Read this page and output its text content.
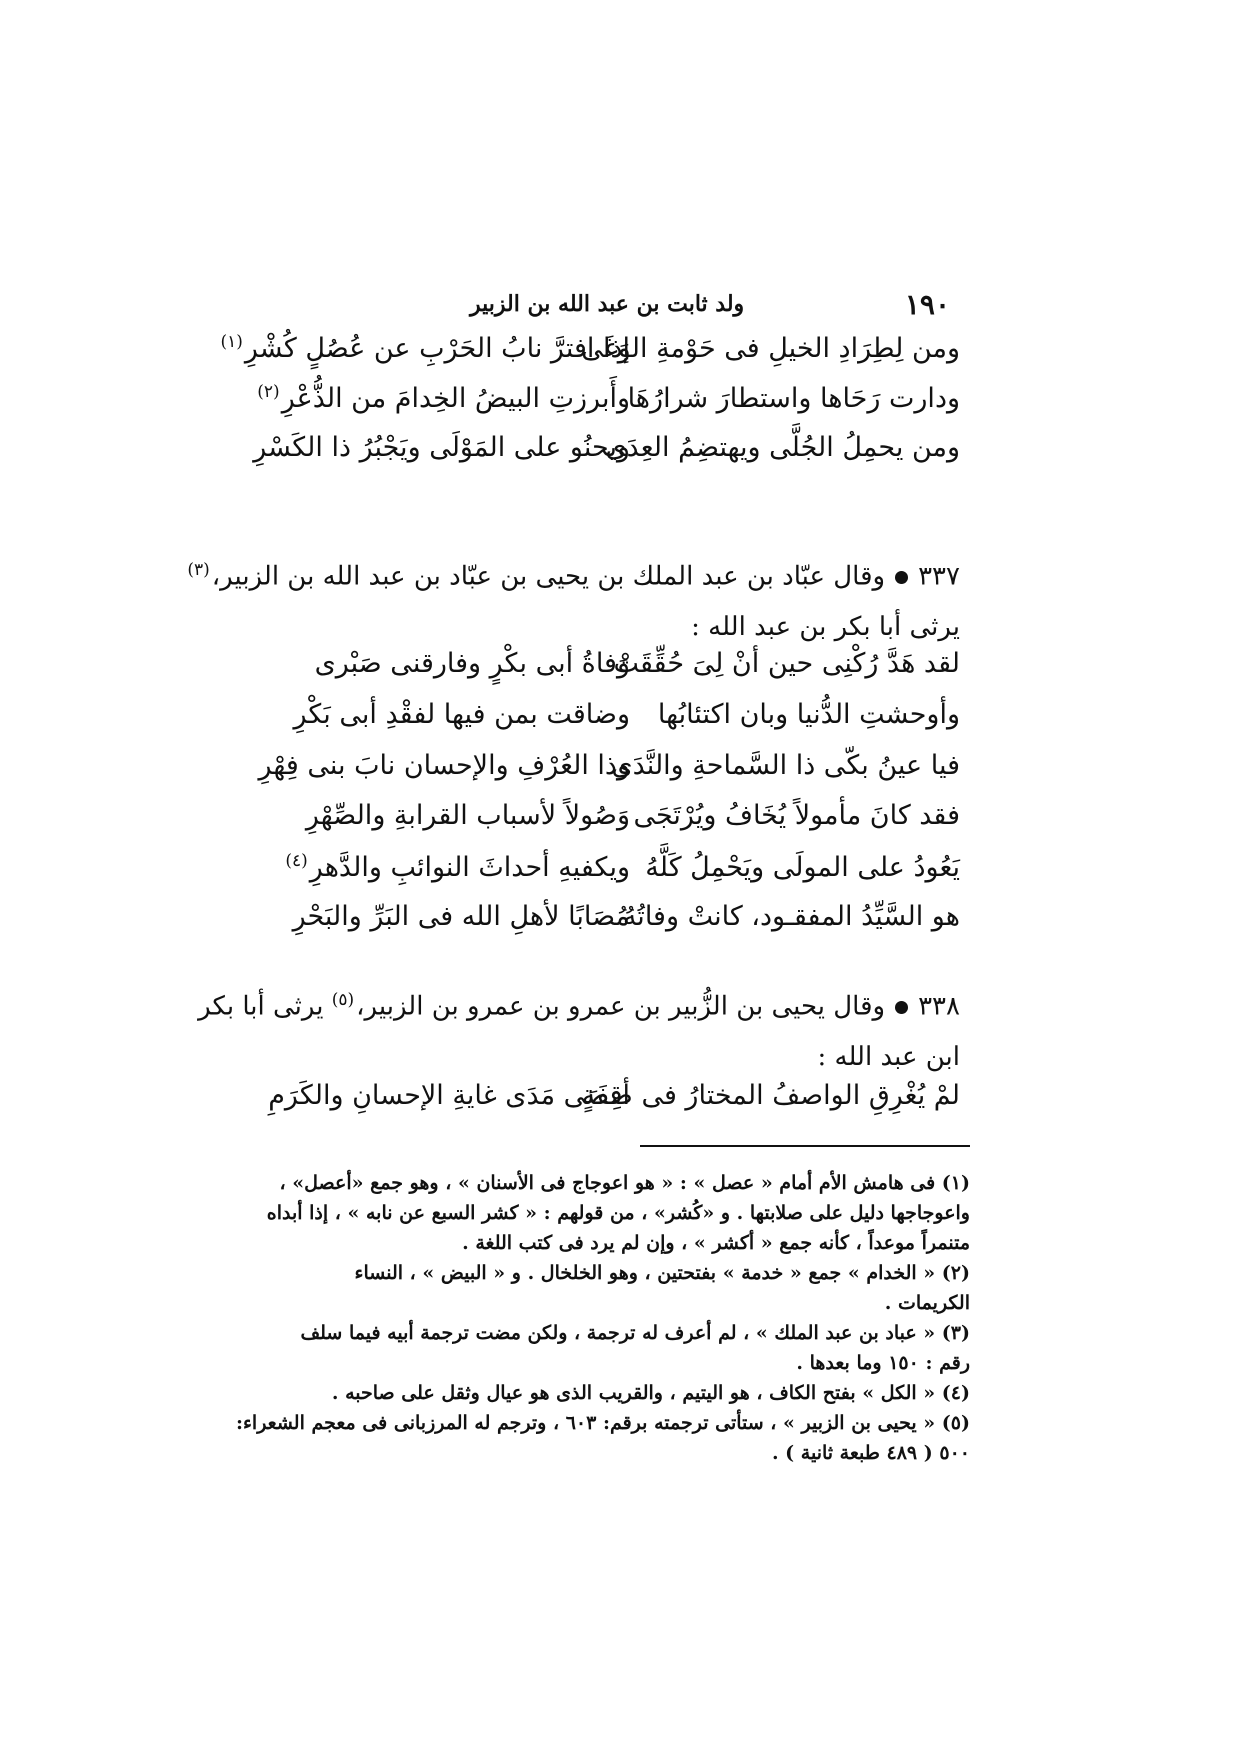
١٩٠
ولد ثابت بن عبد الله بن الزبير
ومن لِطِرَادِ الخيلِ فى حَوْمةِ الوَغَى
إذا افترَّ نابُ الحَرْبِ عن عُصُلٍ كُشْرِ$^{(١)}$
ودارت رَحَاها واستطارَ شرارُهَا
وأَبرزتِ البيضُ الخِدامَ من الذُّعْرِ$^{(٢)}$
ومن يحمِلُ الجُلَّى ويهتضِمُ العِدَى
ويحنُو على المَوْلَى ويَجْبُرُ ذا الكَسْرِ
٣٣٧وقال عبّاد بن عبد الملك بن يحيى بن عبّاد بن عبد الله بن الزبير،$^{(٣)}$
يرثى أبا بكر بن عبد الله :
لقد هَدَّ رُكْنِى حين أنْ لِىَ حُقِّقَتْ
وَفاةُ أبى بكْرٍ وفارقنى صَبْرى
وأوحشتِ الدُّنيا وبان اكتئابُها
وضاقت بمن فيها لفقْدِ أبى بَكْرِ
فيا عينُ بكّى ذا السَّماحةِ والنَّدَى
وذا العُرْفِ والإحسان نابَ بنى فِهْرِ
فقد كانَ مأمولاً يُخَافُ ويُرْتَجَى
وَصُولاً لأسباب القرابةِ والصِّهْرِ
يَعُودُ على المولَى ويَحْمِلُ كَلَّهُ
ويكفيهِ أحداثَ النوائبِ والدَّهرِ$^{(٤)}$
هو السَّيِّدُ المفقـود، كانتْ وفاتُهُ
مُصَابًا لأهلِ الله فى البَرِّ والبَحْرِ
٣٣٨وقال يحيى بن الزُّبير بن عمرو بن عمرو بن الزبير،$^{(٥)}$ يرثى أبا بكر
ابن عبد الله :
لمْ يُغْرِقِ الواصفُ المختارُ فى صِفَةٍ
أقصَى مَدَى غايةِ الإحسانِ والكَرَمِ
(١) فى هامش الأم أمام « عصل » : « هو اعوجاج فى الأسنان » ، وهو جمع «أعصل» ،
واعوجاجها دليل على صلابتها . و «كُشر» ، من قولهم : « كشر السبع عن نابه » ، إذا أبداه
متنمراً موعداً ، كأنه جمع « أكشر » ، وإن لم يرد فى كتب اللغة .
(٢) « الخدام » جمع « خدمة » بفتحتين ، وهو الخلخال . و « البيض » ، النساء
الكريمات .
(٣) « عباد بن عبد الملك » ، لم أعرف له ترجمة ، ولكن مضت ترجمة أبيه فيما سلف
رقم : ١٥٠ وما بعدها .
(٤) « الكل » بفتح الكاف ، هو اليتيم ، والقريب الذى هو عيال وثقل على صاحبه .
(٥) « يحيى بن الزبير » ، ستأتى ترجمته برقم: ٦٠٣ ، وترجم له المرزبانى فى معجم الشعراء:
٥٠٠ ( ٤٨٩ طبعة ثانية ) .
